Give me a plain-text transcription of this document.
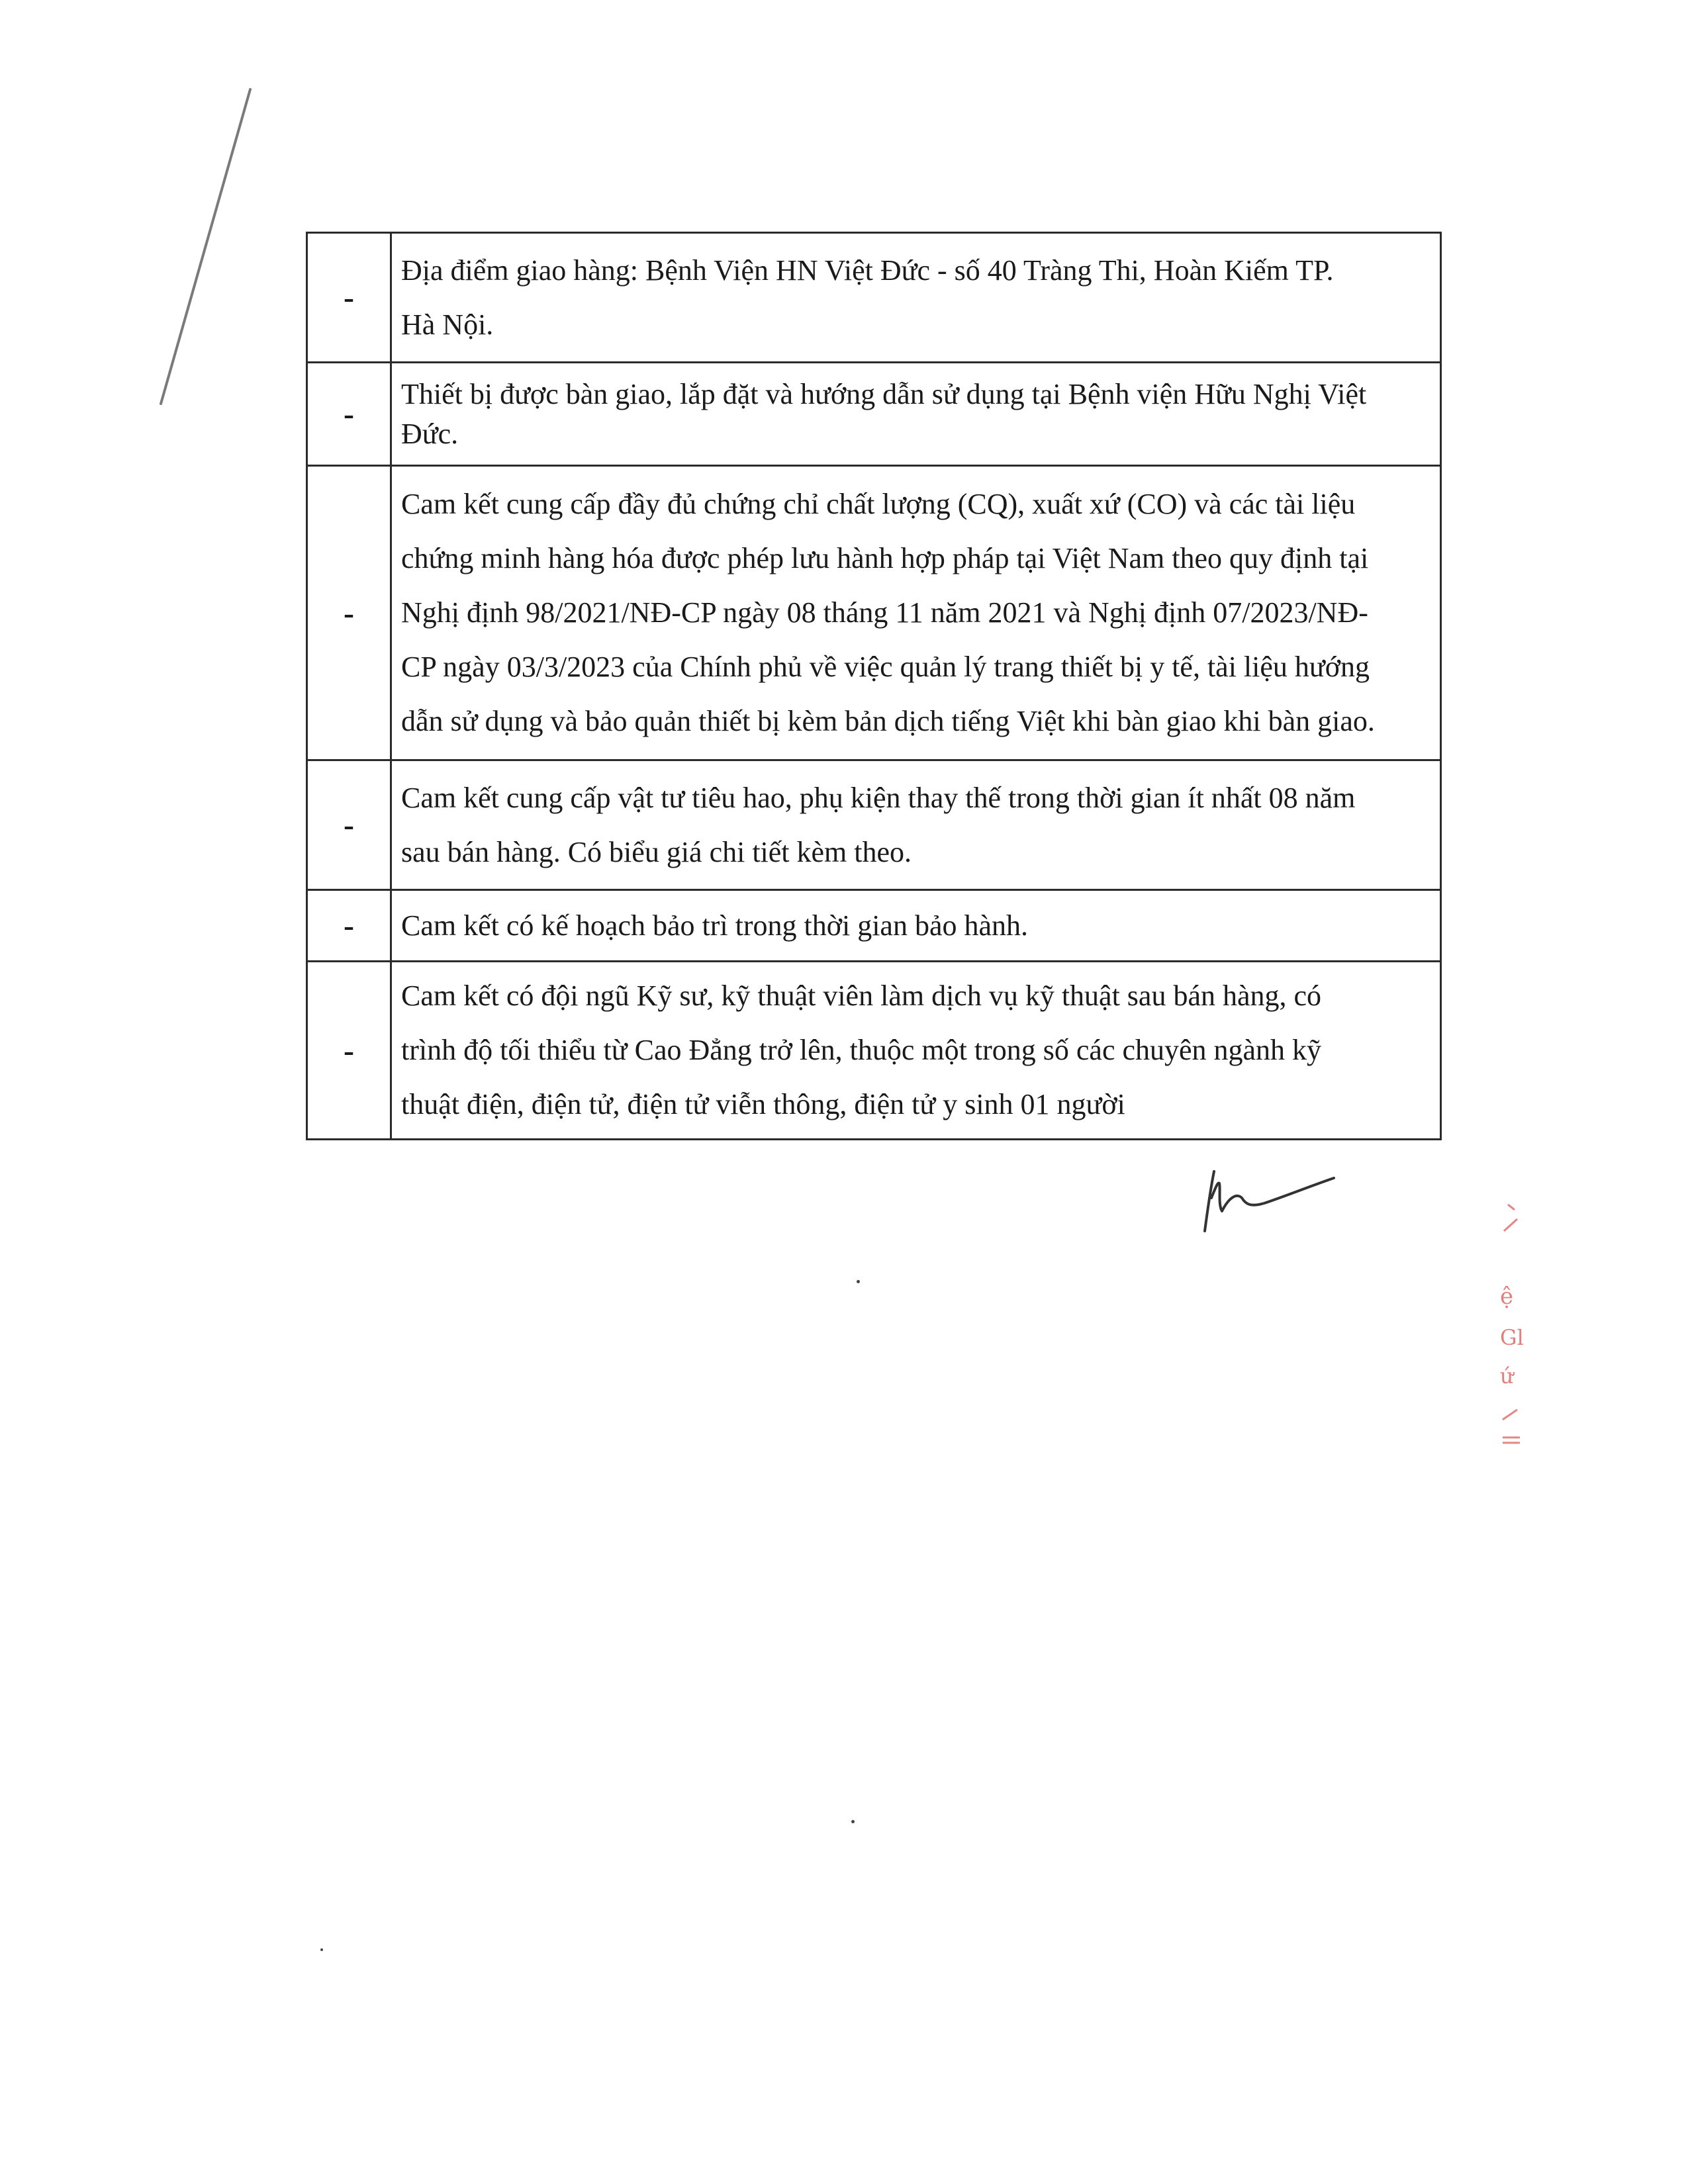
-	Địa điểm giao hàng: Bệnh Viện HN Việt Đức - số 40 Tràng Thi, Hoàn Kiếm TP.
Hà Nội.

-	Thiết bị được bàn giao, lắp đặt và hướng dẫn sử dụng tại Bệnh viện Hữu Nghị Việt
Đức.

-	Cam kết cung cấp đầy đủ chứng chỉ chất lượng (CQ), xuất xứ (CO) và các tài liệu
chứng minh hàng hóa được phép lưu hành hợp pháp tại Việt Nam theo quy định tại
Nghị định 98/2021/NĐ-CP ngày 08 tháng 11 năm 2021 và Nghị định 07/2023/NĐ-
CP ngày 03/3/2023 của Chính phủ về việc quản lý trang thiết bị y tế, tài liệu hướng
dẫn sử dụng và bảo quản thiết bị kèm bản dịch tiếng Việt khi bàn giao khi bàn giao.

-	Cam kết cung cấp vật tư tiêu hao, phụ kiện thay thế trong thời gian ít nhất 08 năm
sau bán hàng. Có biểu giá chi tiết kèm theo.

-	Cam kết có kế hoạch bảo trì trong thời gian bảo hành.

-	Cam kết có đội ngũ Kỹ sư, kỹ thuật viên làm dịch vụ kỹ thuật sau bán hàng, có
trình độ tối thiểu từ Cao Đẳng trở lên, thuộc một trong số các chuyên ngành kỹ
thuật điện, điện tử, điện tử viễn thông, điện tử y sinh 01 người
ệ
Gl
ứ
